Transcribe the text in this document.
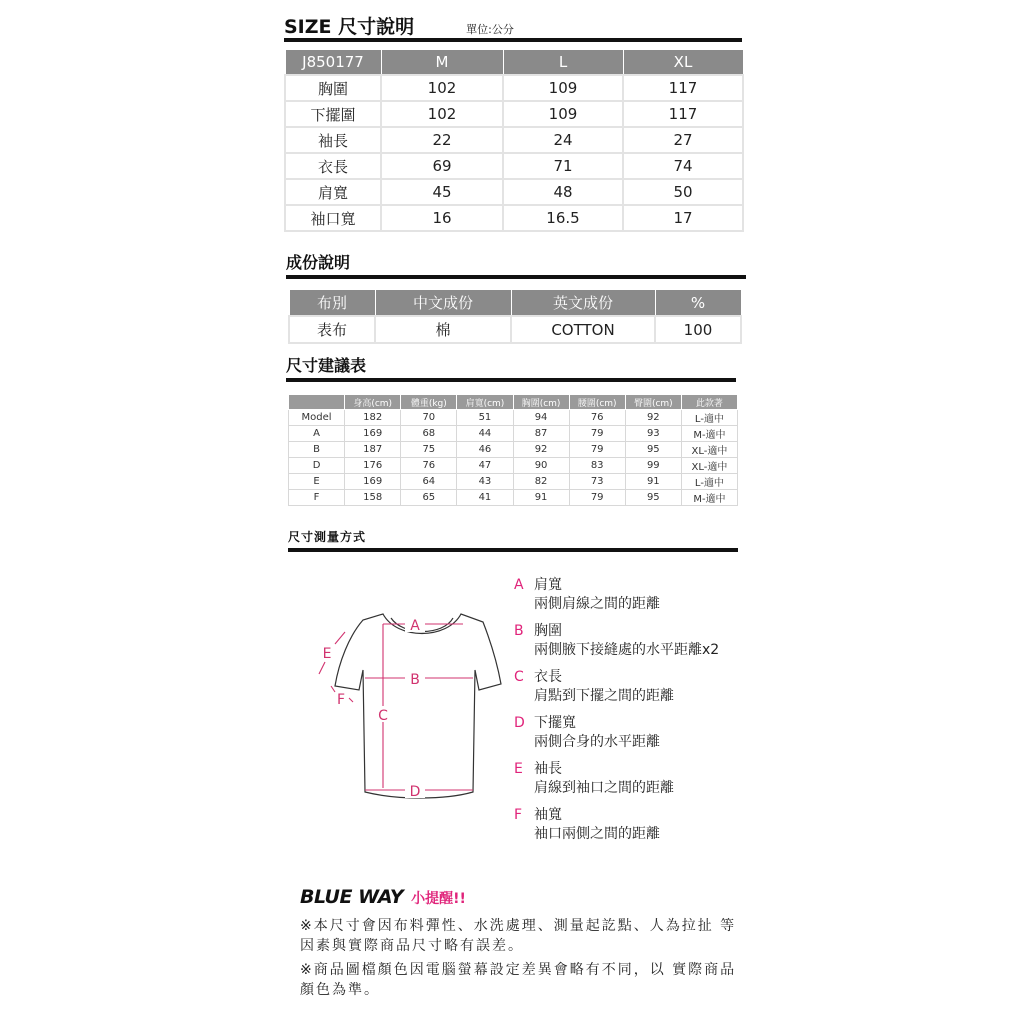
SIZE 尺寸說明	單位:公分
J850177	M	L	XL
胸圍	102	109	117
下擺圍	102	109	117
袖長	22	24	27
衣長	69	71	74
肩寬	45	48	50
袖口寬	16	16.5	17
成份說明
布別	中文成份	英文成份	%
表布	棉	COTTON	100
尺寸建議表
	身高(cm)	體重(kg)	肩寬(cm)	胸圍(cm)	腰圍(cm)	臀圍(cm)	此款著
Model	182	70	51	94	76	92	L-適中
A	169	68	44	87	79	93	M-適中
B	187	75	46	92	79	95	XL-適中
D	176	76	47	90	83	99	XL-適中
E	169	64	43	82	73	91	L-適中
F	158	65	41	91	79	95	M-適中
尺寸測量方式
A
B
C
D
E
F
A 肩寬
兩側肩線之間的距離
B 胸圍
兩側腋下接縫處的水平距離x2
C 衣長
肩點到下擺之間的距離
D 下擺寬
兩側合身的水平距離
E 袖長
肩線到袖口之間的距離
F 袖寬
袖口兩側之間的距離
BLUE WAY 小提醒!!
※本尺寸會因布料彈性、水洗處理、測量起訖點、人為拉扯 等因素與實際商品尺寸略有誤差。
※商品圖檔顏色因電腦螢幕設定差異會略有不同，以 實際商品顏色為準。
